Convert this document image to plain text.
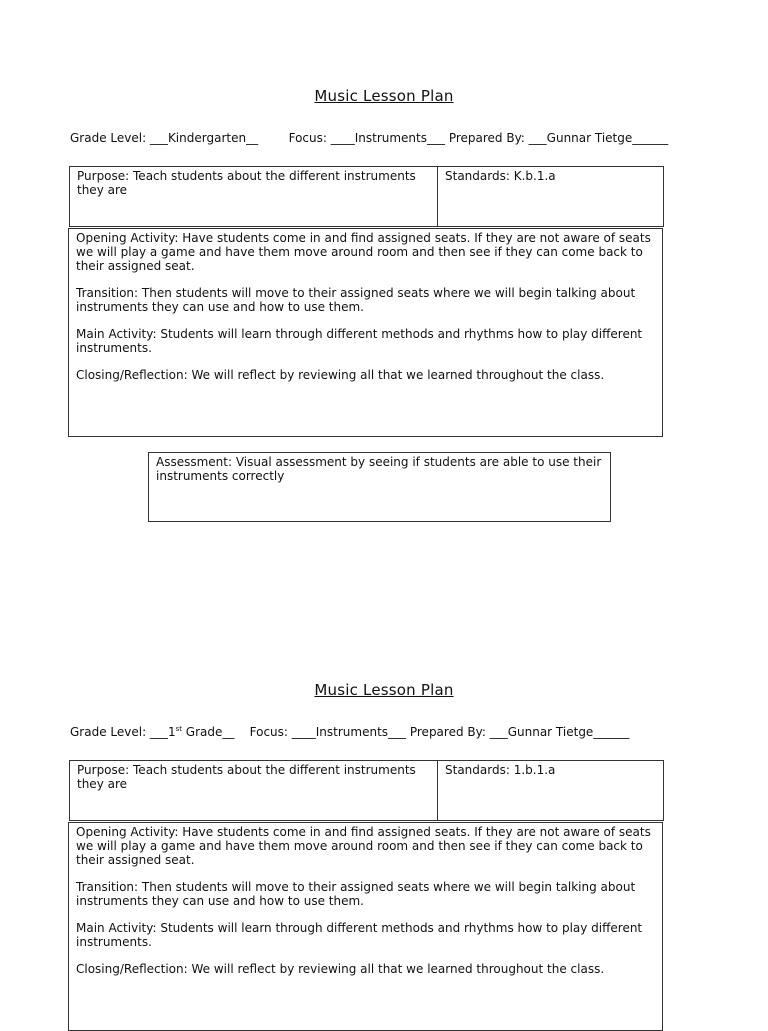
Music Lesson Plan
Grade Level: ___Kindergarten__        Focus: ____Instruments___ Prepared By: ___Gunnar Tietge______
Purpose: Teach students about the different instruments they are
Standards: K.b.1.a

Opening Activity: Have students come in and find assigned seats. If they are not aware of seats we will play a game and have them move around room and then see if they can come back to their assigned seat.

Transition: Then students will move to their assigned seats where we will begin talking about instruments they can use and how to use them.

Main Activity: Students will learn through different methods and rhythms how to play different instruments.

Closing/Reflection: We will reflect by reviewing all that we learned throughout the class.

Assessment: Visual assessment by seeing if students are able to use their instruments correctly
Music Lesson Plan
Grade Level: ___1st Grade__    Focus: ____Instruments___ Prepared By: ___Gunnar Tietge______
Purpose: Teach students about the different instruments they are
Standards: 1.b.1.a

Opening Activity: Have students come in and find assigned seats. If they are not aware of seats we will play a game and have them move around room and then see if they can come back to their assigned seat.

Transition: Then students will move to their assigned seats where we will begin talking about instruments they can use and how to use them.

Main Activity: Students will learn through different methods and rhythms how to play different instruments.

Closing/Reflection: We will reflect by reviewing all that we learned throughout the class.
